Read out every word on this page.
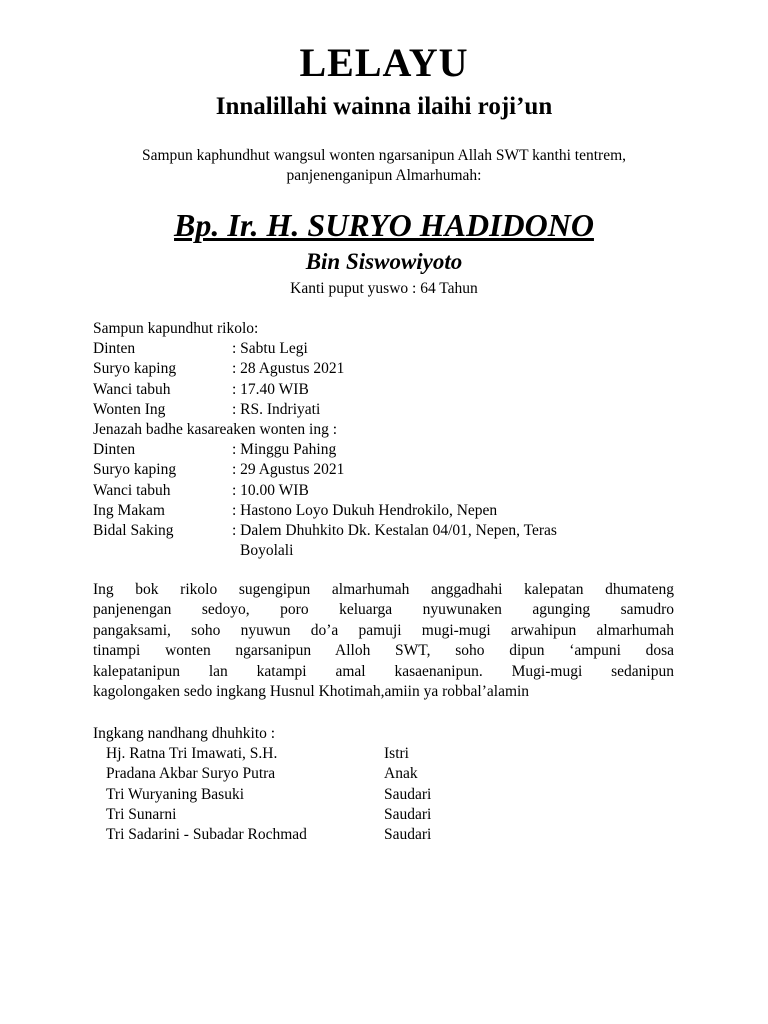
LELAYU
Innalillahi wainna ilaihi roji’un
Sampun kaphundhut wangsul wonten ngarsanipun Allah SWT kanthi tentrem,
panjenenganipun Almarhumah:
Bp. Ir. H. SURYO HADIDONO
Bin Siswowiyoto
Kanti puput yuswo : 64 Tahun
Sampun kapundhut rikolo:
Dinten	: Sabtu Legi
Suryo kaping	: 28 Agustus 2021
Wanci tabuh	: 17.40 WIB
Wonten Ing	: RS. Indriyati
Jenazah badhe kasareaken wonten ing :
Dinten	: Minggu Pahing
Suryo kaping	: 29 Agustus 2021
Wanci tabuh	: 10.00 WIB
Ing Makam	: Hastono Loyo Dukuh Hendrokilo, Nepen
Bidal Saking	: Dalem Dhuhkito Dk. Kestalan 04/01, Nepen, Teras
Boyolali
Ing bok rikolo sugengipun almarhumah anggadhahi kalepatan dhumateng
panjenengan sedoyo, poro keluarga nyuwunaken agunging samudro
pangaksami, soho nyuwun do’a pamuji mugi-mugi arwahipun almarhumah
tinampi wonten ngarsanipun Alloh SWT, soho dipun ‘ampuni dosa
kalepatanipun lan katampi amal kasaenanipun. Mugi-mugi sedanipun
kagolongaken sedo ingkang Husnul Khotimah,amiin ya robbal’alamin
Ingkang nandhang dhuhkito :
Hj. Ratna Tri Imawati, S.H.	Istri
Pradana Akbar Suryo Putra	Anak
Tri Wuryaning Basuki	Saudari
Tri Sunarni	Saudari
Tri Sadarini - Subadar Rochmad	Saudari
